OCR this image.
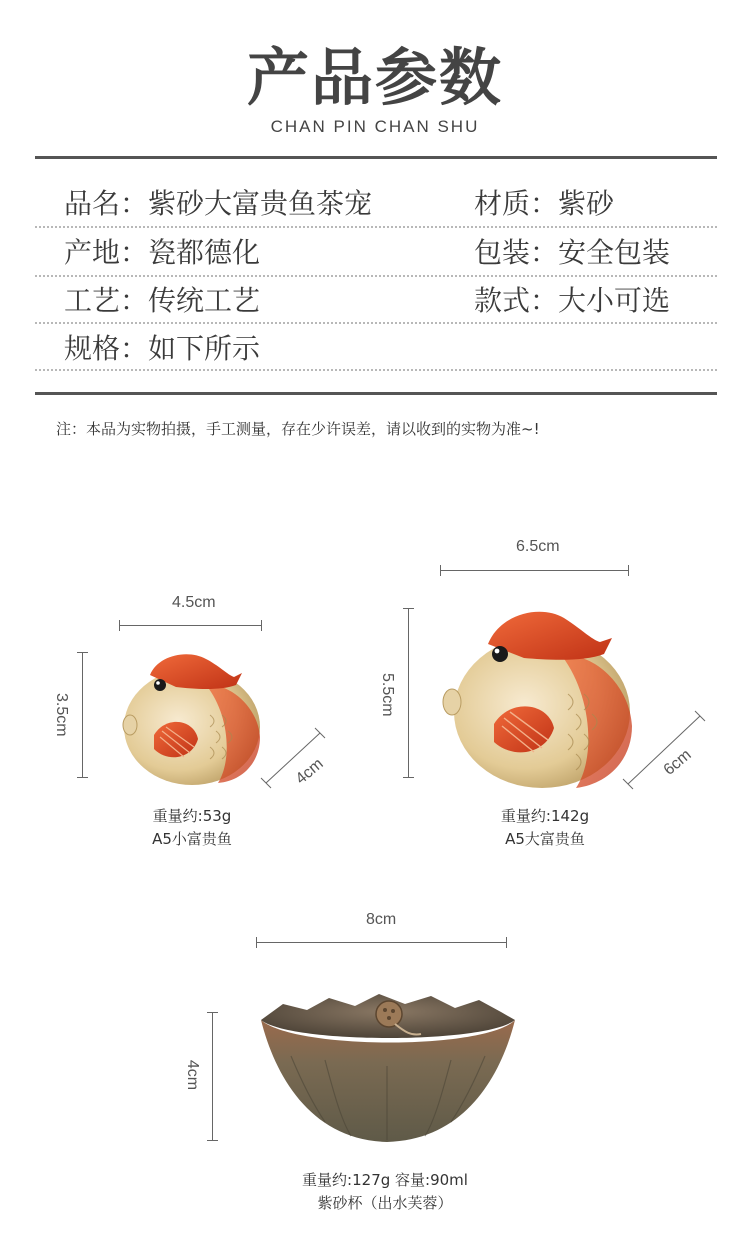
产品参数
CHAN PIN CHAN SHU
品名：紫砂大富贵鱼茶宠	材质：紫砂
产地：瓷都德化	包装：安全包装
工艺：传统工艺	款式：大小可选
规格：如下所示
注：本品为实物拍摄，手工测量，存在少许误差，请以收到的实物为准~!
4.5cm
3.5cm
4cm
重量约:53g
A5小富贵鱼
6.5cm
5.5cm
6cm
重量约:142g
A5大富贵鱼
8cm
4cm
重量约:127g 容量:90ml
紫砂杯（出水芙蓉）
